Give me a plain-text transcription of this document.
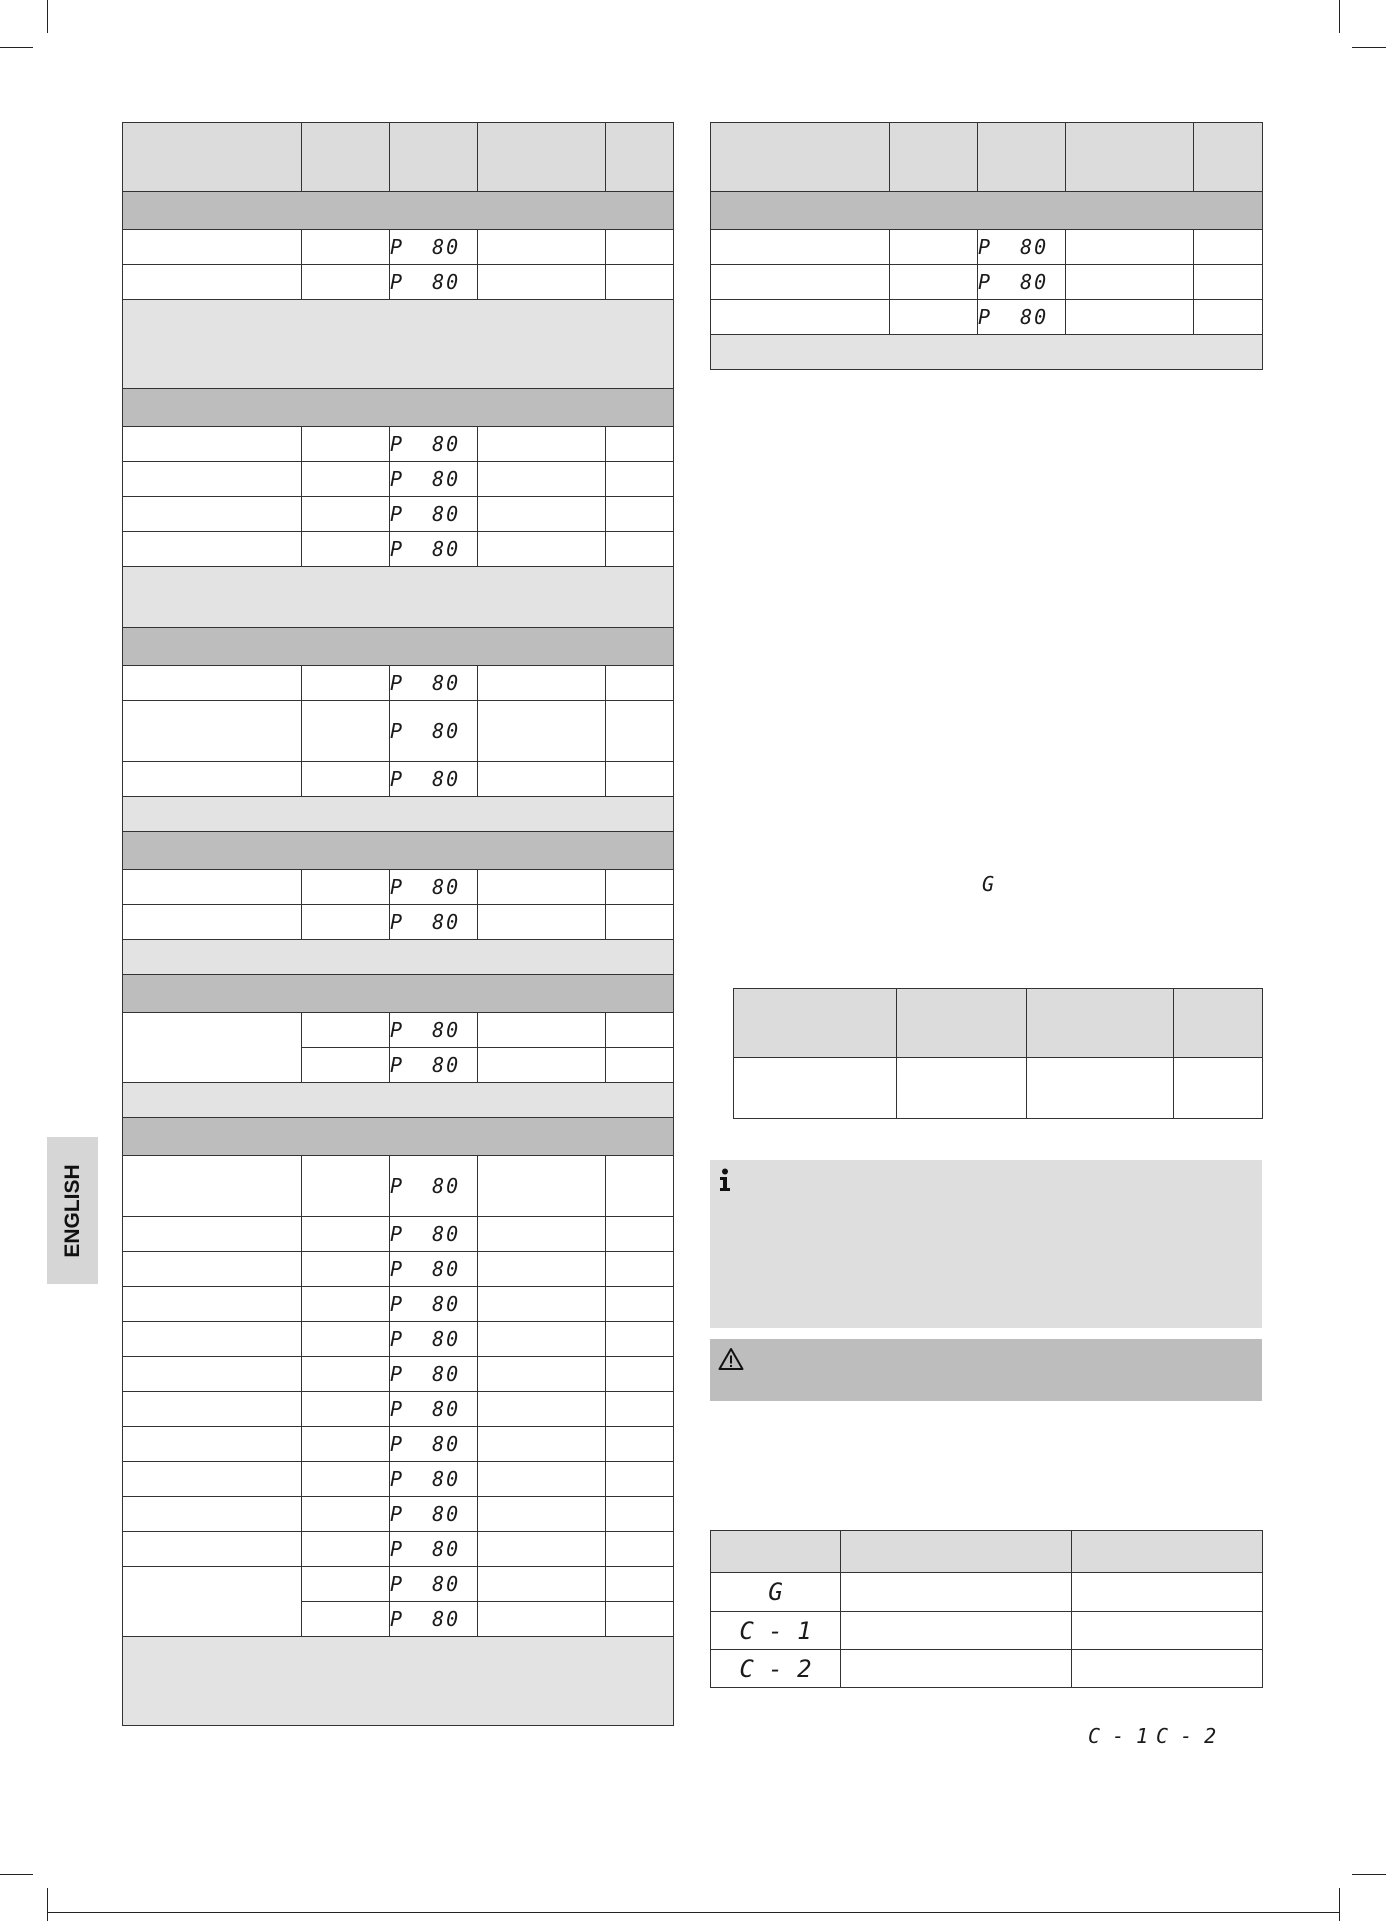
ENGLISH

		P  80		
		P  80		

		P  80		
		P  80		
		P  80		
		P  80		

		P  80		
		P  80		
		P  80		

		P  80		
		P  80		

		P  80		
		P  80		

		P  80		
		P  80		
		P  80		
		P  80		
		P  80		
		P  80		
		P  80		
		P  80		
		P  80		
		P  80		
		P  80		
		P  80		
		P  80		

		P  80		
		P  80		
		P  80		

G

G		
C - 1		
C - 2		
C - 1 C - 2
